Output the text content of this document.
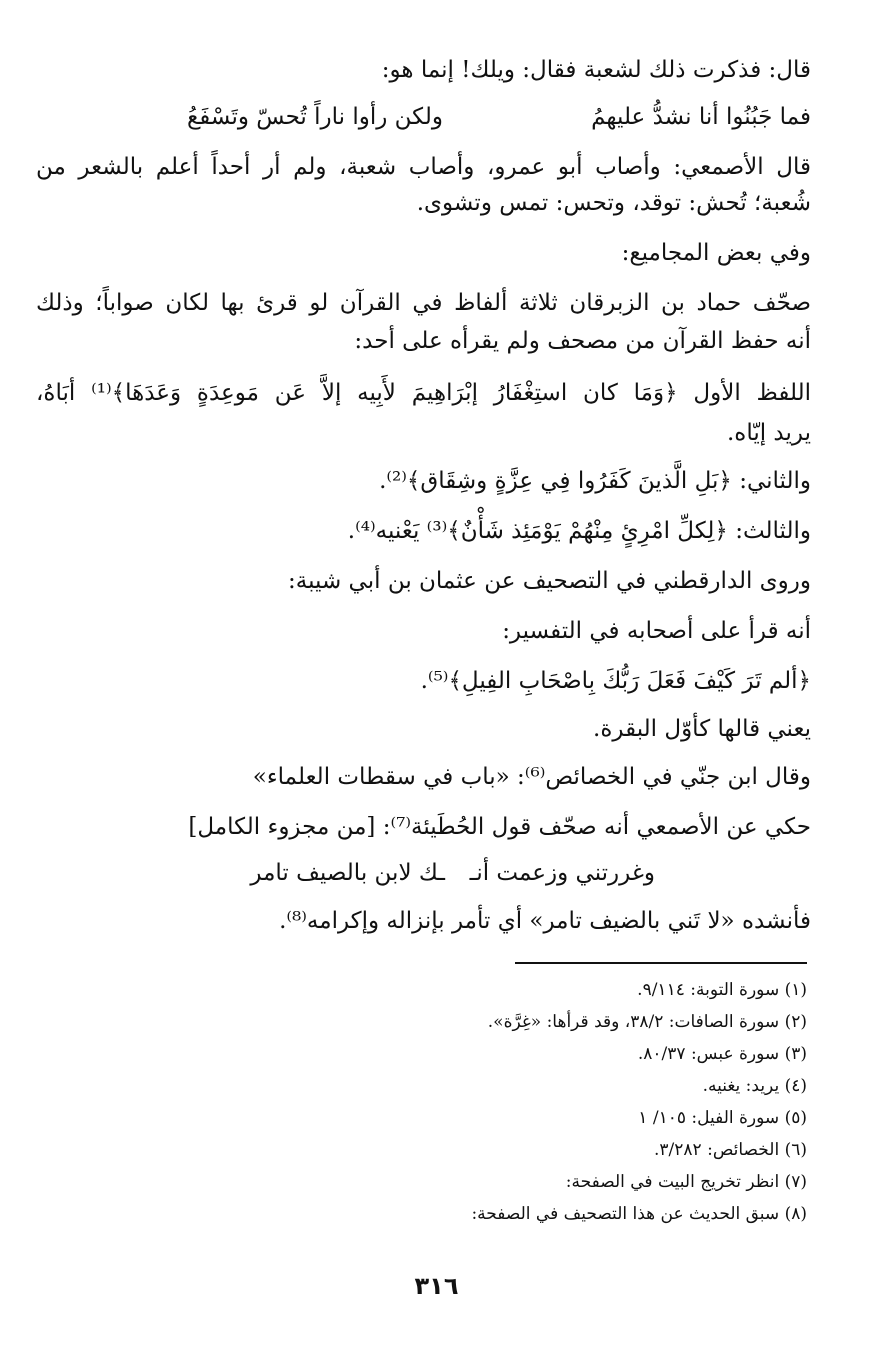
قال: فذكرت ذلك لشعبة فقال: ويلك! إنما هو:
فما جَبُنُوا أنا نشدُّ عليهمُ
ولكن رأوا ناراً تُحسّ وتَسْفَعُ
قال الأصمعي: وأصاب أبو عمرو، وأصاب شعبة، ولم أر أحداً أعلم بالشعر من
شُعبة؛ تُحش: توقد، وتحس: تمس وتشوى.
وفي بعض المجاميع:
صحّف حماد بن الزبرقان ثلاثة ألفاظ في القرآن لو قرئ بها لكان صواباً؛ وذلك
أنه حفظ القرآن من مصحف ولم يقرأه على أحد:
اللفظ الأول ﴿وَمَا كان استِغْفَارُ إبْرَاهِيمَ لأَبِيه إلاَّ عَن مَوعِدَةٍ وَعَدَهَا﴾⁽¹⁾ أبَاهُ،
يريد إيّاه.
والثاني: ﴿بَلِ الَّذينَ كَفَرُوا فِي عِزَّةٍ وشِقَاق﴾⁽²⁾.
والثالث: ﴿لِكلِّ امْرِئٍ مِنْهُمْ يَوْمَئِذ شَأْنٌ﴾⁽³⁾ يَعْنيه⁽⁴⁾.
وروى الدارقطني في التصحيف عن عثمان بن أبي شيبة:
أنه قرأ على أصحابه في التفسير:
﴿ألم تَرَ كَيْفَ فَعَلَ رَبُّكَ بِاصْحَابِ الفِيلِ﴾⁽⁵⁾.
يعني قالها كأوّل البقرة.
وقال ابن جنّي في الخصائص⁽⁶⁾: «باب في سقطات العلماء»
حكي عن الأصمعي أنه صحّف قول الحُطَيئة⁽⁷⁾: [من مجزوء الكامل]
وغررتني وزعمت أنـ
ـك لابن بالصيف تامر
فأنشده «لا تَني بالضيف تامر» أي تأمر بإنزاله وإكرامه⁽⁸⁾.
(١) سورة التوبة: ٩/١١٤.
(٢) سورة الصافات: ٣٨/٢، وقد قرأها: «غِرَّة».
(٣) سورة عبس: ٨٠/٣٧.
(٤) يريد: يغنيه.
(٥) سورة الفيل: ١٠٥/ ١
(٦) الخصائص: ٣/٢٨٢.
(٧) انظر تخريج البيت في الصفحة:
(٨) سبق الحديث عن هذا التصحيف في الصفحة:
٣١٦
